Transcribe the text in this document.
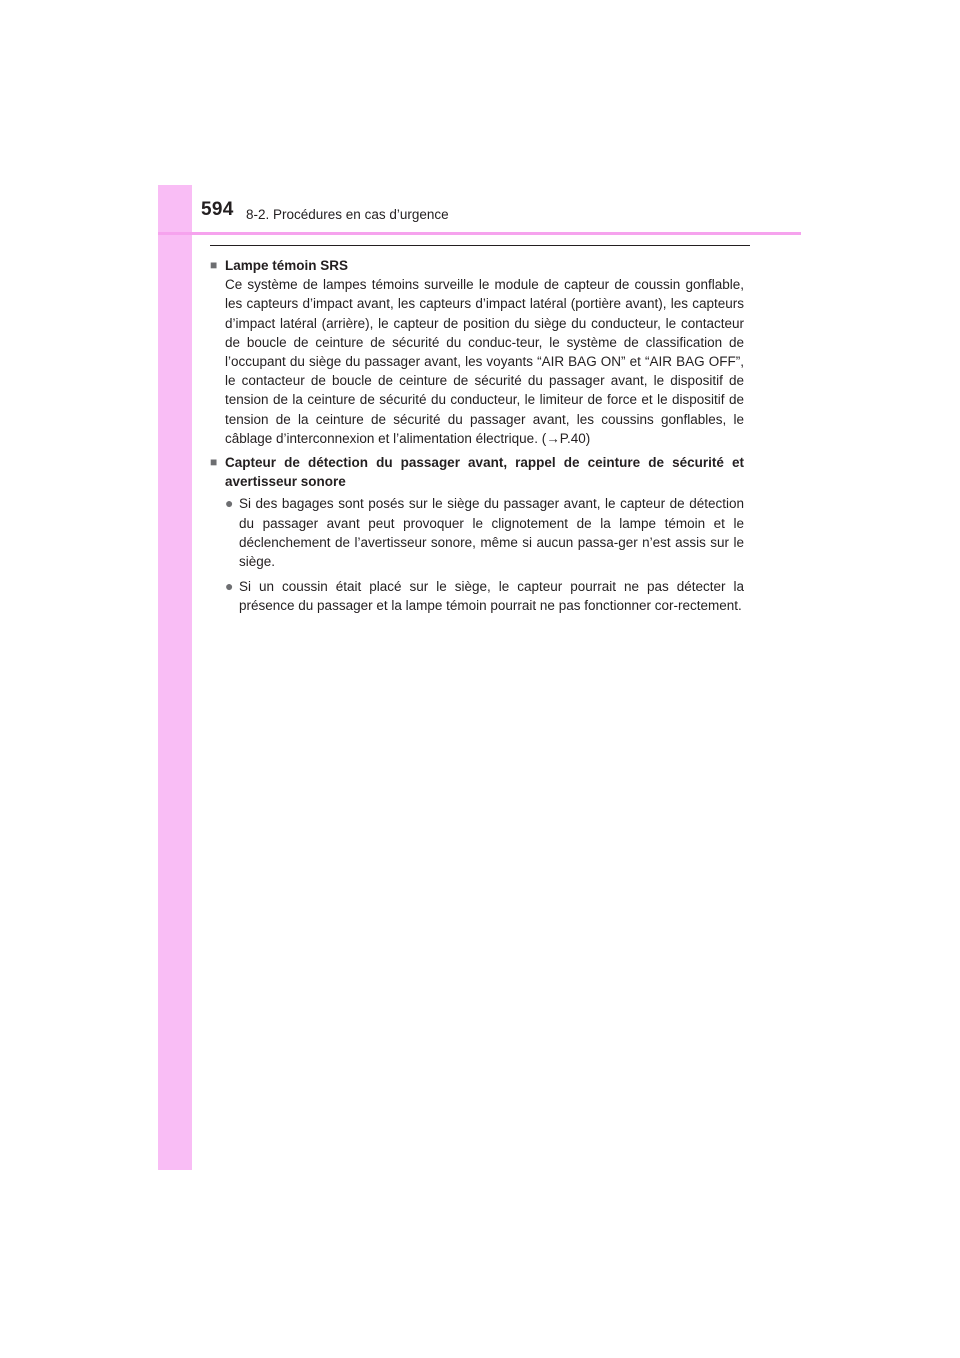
594 8-2. Procédures en cas d’urgence
■ Lampe témoin SRS
Ce système de lampes témoins surveille le module de capteur de coussin gonflable, les capteurs d’impact avant, les capteurs d’impact latéral (portière avant), les capteurs d’impact latéral (arrière), le capteur de position du siège du conducteur, le contacteur de boucle de ceinture de sécurité du conduc-teur, le système de classification de l’occupant du siège du passager avant, les voyants “AIR BAG ON” et “AIR BAG OFF”, le contacteur de boucle de ceinture de sécurité du passager avant, le dispositif de tension de la ceinture de sécurité du conducteur, le limiteur de force et le dispositif de tension de la ceinture de sécurité du passager avant, les coussins gonflables, le câblage d’interconnexion et l’alimentation électrique. (→P.40)
■ Capteur de détection du passager avant, rappel de ceinture de sécurité et avertisseur sonore
● Si des bagages sont posés sur le siège du passager avant, le capteur de détection du passager avant peut provoquer le clignotement de la lampe témoin et le déclenchement de l’avertisseur sonore, même si aucun passa-ger n’est assis sur le siège.
● Si un coussin était placé sur le siège, le capteur pourrait ne pas détecter la présence du passager et la lampe témoin pourrait ne pas fonctionner cor-rectement.
